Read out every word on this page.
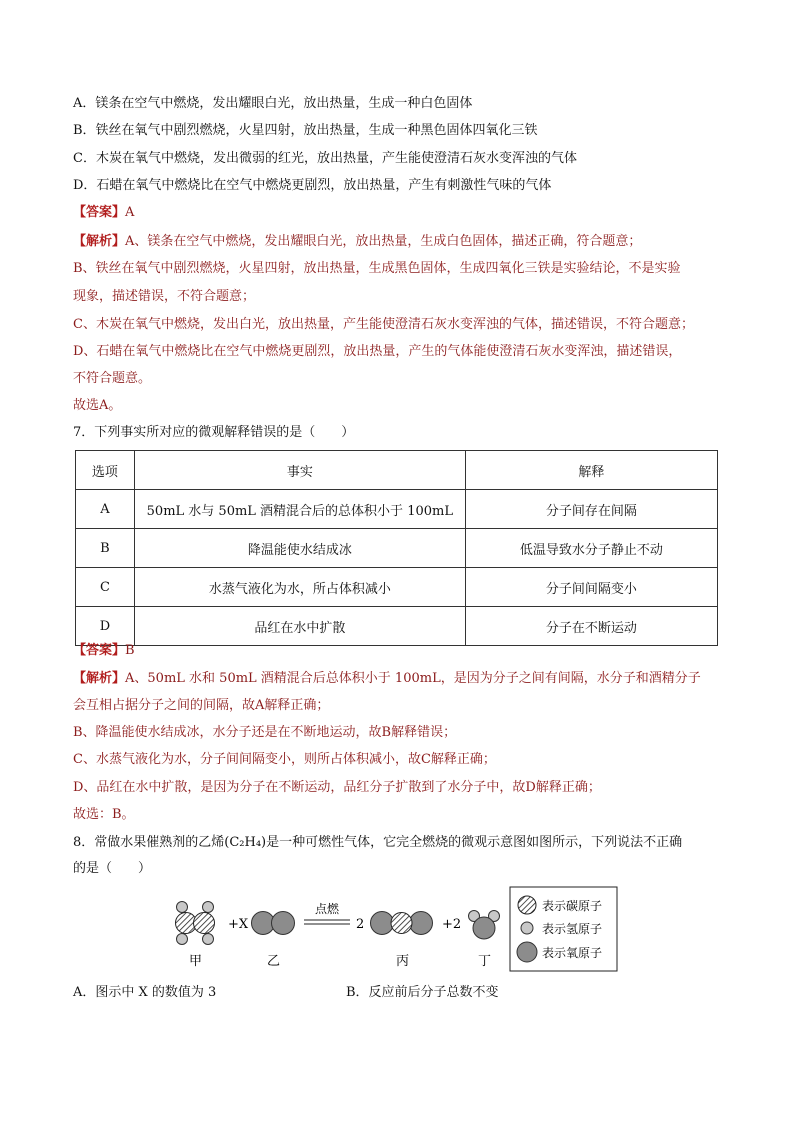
A．镁条在空气中燃烧，发出耀眼白光，放出热量，生成一种白色固体
B．铁丝在氧气中剧烈燃烧，火星四射，放出热量，生成一种黑色固体四氧化三铁
C．木炭在氧气中燃烧，发出微弱的红光，放出热量，产生能使澄清石灰水变浑浊的气体
D．石蜡在氧气中燃烧比在空气中燃烧更剧烈，放出热量，产生有刺激性气味的气体
【答案】A
【解析】A、镁条在空气中燃烧，发出耀眼白光，放出热量，生成白色固体，描述正确，符合题意；
B、铁丝在氧气中剧烈燃烧，火星四射，放出热量，生成黑色固体，生成四氧化三铁是实验结论，不是实验
现象，描述错误，不符合题意；
C、木炭在氧气中燃烧，发出白光，放出热量，产生能使澄清石灰水变浑浊的气体，描述错误，不符合题意；
D、石蜡在氧气中燃烧比在空气中燃烧更剧烈，放出热量，产生的气体能使澄清石灰水变浑浊，描述错误，
不符合题意。
故选A。
7．下列事实所对应的微观解释错误的是（　　）
选项	事实	解释
A	50mL 水与 50mL 酒精混合后的总体积小于 100mL	分子间存在间隔
B	降温能使水结成冰	低温导致水分子静止不动
C	水蒸气液化为水，所占体积减小	分子间间隔变小
D	品红在水中扩散	分子在不断运动
【答案】B
【解析】A、50mL 水和 50mL 酒精混合后总体积小于 100mL，是因为分子之间有间隔，水分子和酒精分子
会互相占据分子之间的间隔，故A解释正确；
B、降温能使水结成冰，水分子还是在不断地运动，故B解释错误；
C、水蒸气液化为水，分子间间隔变小，则所占体积减小，故C解释正确；
D、品红在水中扩散，是因为分子在不断运动，品红分子扩散到了水分子中，故D解释正确；
故选：B。
8．常做水果催熟剂的乙烯(C₂H₄)是一种可燃性气体，它完全燃烧的微观示意图如图所示，下列说法不正确
的是（　　）
+X
点燃
2	+2
甲	乙	丙	丁
表示碳原子
表示氢原子
表示氧原子
A．图示中 X 的数值为 3	B．反应前后分子总数不变
